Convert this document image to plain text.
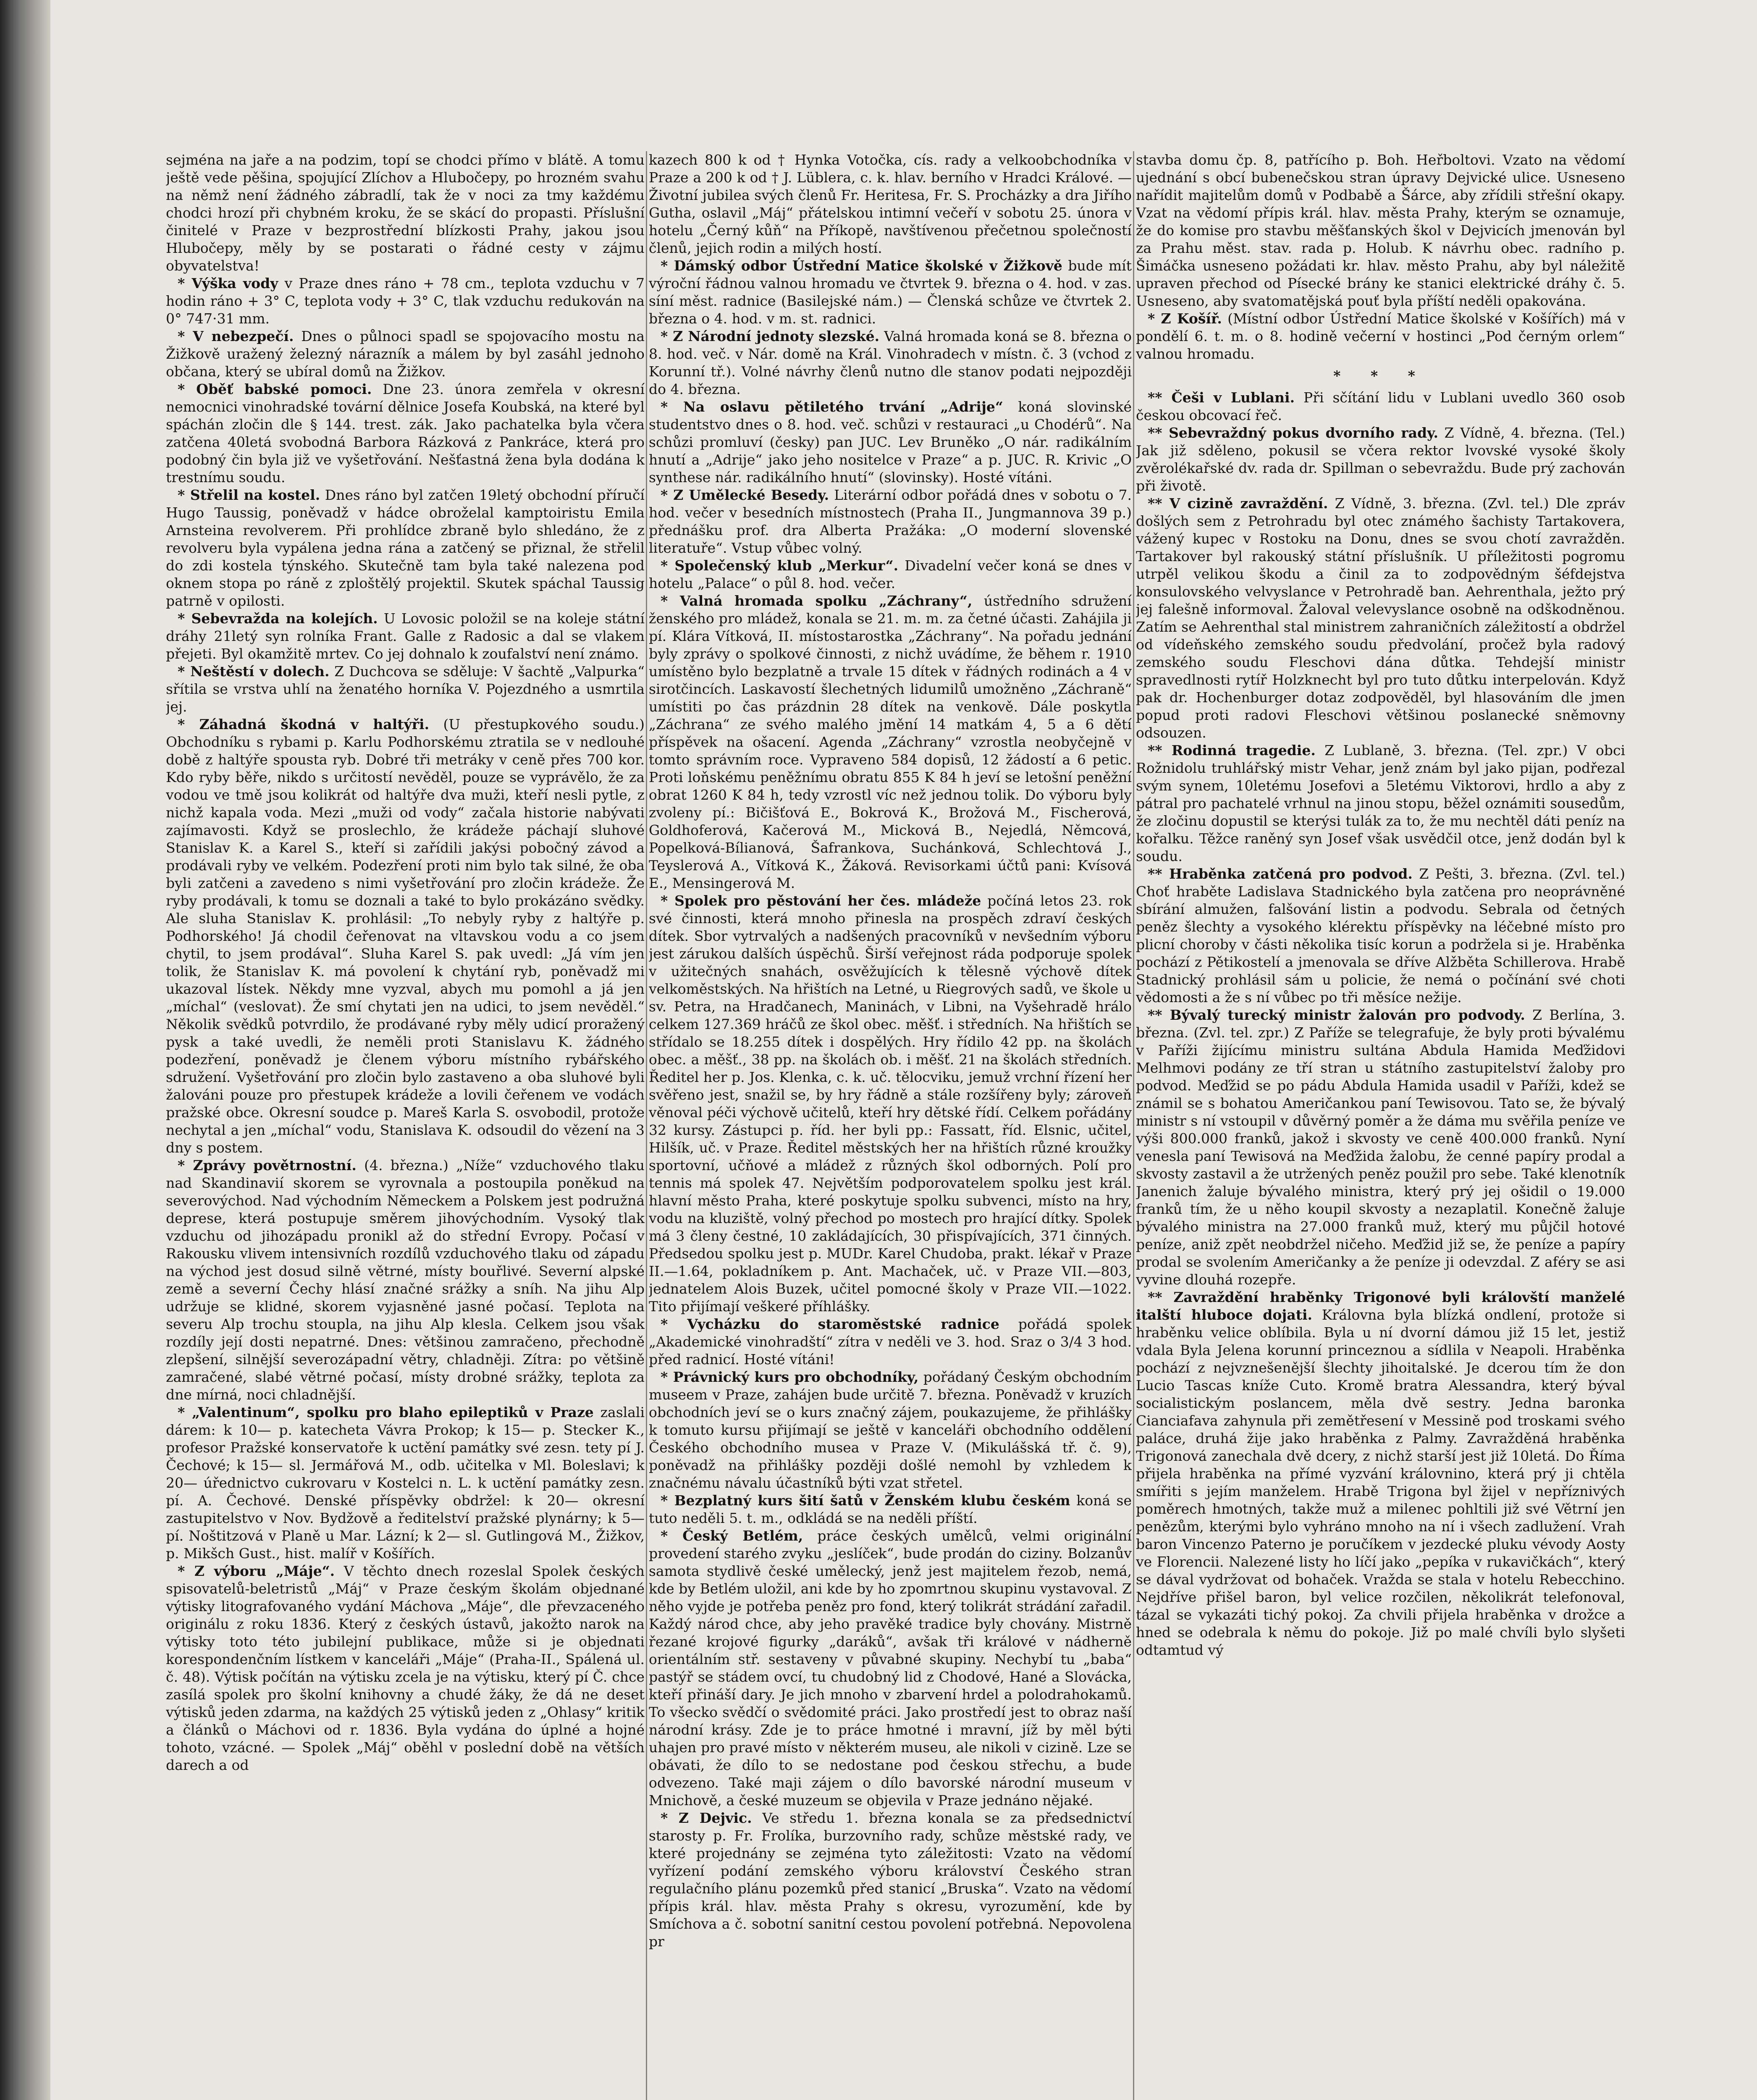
sejména na jaře a na podzim, topí se chodci přímo v blátě. A tomu ještě vede pěšina, spojující Zlíchov a Hlubočepy, po hrozném svahu na němž není žádného zábradlí, tak že v noci za tmy každému chodci hrozí při chybném kroku, že se skácí do propasti. Příslušní činitelé v Praze v bezprostřední blízkosti Prahy, jakou jsou Hlubočepy, měly by se postarati o řádné cesty v zájmu obyvatelstva!

* Výška vody v Praze dnes ráno + 78 cm., teplota vzduchu v 7 hodin ráno + 3° C, teplota vody + 3° C, tlak vzduchu redukován na 0° 747·31 mm.

* V nebezpečí. Dnes o půlnoci spadl se spojovacího mostu na Žižkově uražený železný nárazník a málem by byl zasáhl jednoho občana, který se ubíral domů na Žižkov.

* Oběť babské pomoci. Dne 23. února zemřela v okresní nemocnici vinohradské tovární dělnice Josefa Koubská, na které byl spáchán zločin dle § 144. trest. zák. Jako pachatelka byla včera zatčena 40letá svobodná Barbora Rázková z Pankráce, která pro podobný čin byla již ve vyšetřování. Nešťastná žena byla dodána k trestnímu soudu.

* Střelil na kostel. Dnes ráno byl zatčen 19letý obchodní příručí Hugo Taussig, poněvadž v hádce obroželal kamptoiristu Emila Arnsteina revolverem. Při prohlídce zbraně bylo shledáno, že z revolveru byla vypálena jedna rána a zatčený se přiznal, že střelil do zdi kostela týnského. Skutečně tam byla také nalezena pod oknem stopa po ráně z zploštělý projektil. Skutek spáchal Taussig patrně v opilosti.

* Sebevražda na kolejích. U Lovosic položil se na koleje státní dráhy 21letý syn rolníka Frant. Galle z Radosic a dal se vlakem přejeti. Byl okamžitě mrtev. Co jej dohnalo k zoufalství není známo.

* Neštěstí v dolech. Z Duchcova se sděluje: V šachtě „Valpurka“ sřítila se vrstva uhlí na ženatého horníka V. Pojezdného a usmrtila jej.

* Záhadná škodná v haltýři. (U přestupkového soudu.) Obchodníku s rybami p. Karlu Podhorskému ztratila se v nedlouhé době z haltýře spousta ryb. Dobré tři metráky v ceně přes 700 kor. Kdo ryby běře, nikdo s určitostí nevěděl, pouze se vyprávělo, že za vodou ve tmě jsou kolikrát od haltýře dva muži, kteří nesli pytle, z nichž kapala voda. Mezi „muži od vody“ začala historie nabývati zajímavosti. Když se proslechlo, že krádeže páchají sluhové Stanislav K. a Karel S., kteří si zařídili jakýsi pobočný závod a prodávali ryby ve velkém. Podezření proti nim bylo tak silné, že oba byli zatčeni a zavedeno s nimi vyšetřování pro zločin krádeže. Že ryby prodávali, k tomu se doznali a také to bylo prokázáno svědky. Ale sluha Stanislav K. prohlásil: „To nebyly ryby z haltýře p. Podhorského! Já chodil čeřenovat na vltavskou vodu a co jsem chytil, to jsem prodával“. Sluha Karel S. pak uvedl: „Já vím jen tolik, že Stanislav K. má povolení k chytání ryb, poněvadž mi ukazoval lístek. Někdy mne vyzval, abych mu pomohl a já jen „míchal“ (veslovat). Že smí chytati jen na udici, to jsem nevěděl.“ Několik svědků potvrdilo, že prodávané ryby měly udicí proražený pysk a také uvedli, že neměli proti Stanislavu K. žádného podezření, poněvadž je členem výboru místního rybářského sdružení. Vyšetřování pro zločin bylo zastaveno a oba sluhové byli žalováni pouze pro přestupek krádeže a lovili čeřenem ve vodách pražské obce. Okresní soudce p. Mareš Karla S. osvobodil, protože nechytal a jen „míchal“ vodu, Stanislava K. odsoudil do vězení na 3 dny s postem.

* Zprávy povětrnostní. (4. března.) „Níže“ vzduchového tlaku nad Skandinavií skorem se vyrovnala a postoupila poněkud na severovýchod. Nad východním Německem a Polskem jest podružná deprese, která postupuje směrem jihovýchodním. Vysoký tlak vzduchu od jihozápadu pronikl až do střední Evropy. Počasí v Rakousku vlivem intensivních rozdílů vzduchového tlaku od západu na východ jest dosud silně větrné, místy bouřlivé. Severní alpské země a severní Čechy hlásí značné srážky a sníh. Na jihu Alp udržuje se klidné, skorem vyjasněné jasné počasí. Teplota na severu Alp trochu stoupla, na jihu Alp klesla. Celkem jsou však rozdíly její dosti nepatrné. Dnes: většinou zamračeno, přechodně zlepšení, silnější severozápadní větry, chladněji. Zítra: po většině zamračené, slabé větrné počasí, místy drobné srážky, teplota za dne mírná, noci chladnější.

* „Valentinum“, spolku pro blaho epileptiků v Praze zaslali dárem: k 10— p. katecheta Vávra Prokop; k 15— p. Stecker K., profesor Pražské konservatoře k uctění památky své zesn. tety pí J. Čechové; k 15— sl. Jermářová M., odb. učitelka v Ml. Boleslavi; k 20— úřednictvo cukrovaru v Kostelci n. L. k uctění památky zesn. pí. A. Čechové. Denské příspěvky obdržel: k 20— okresní zastupitelstvo v Nov. Bydžově a ředitelství pražské plynárny; k 5— pí. Noštitzová v Planě u Mar. Lázní; k 2— sl. Gutlingová M., Žižkov, p. Mikšch Gust., hist. malíř v Košířích.

* Z výboru „Máje“. V těchto dnech rozeslal Spolek českých spisovatelů-beletristů „Máj“ v Praze českým školám objednané výtisky litografovaného vydání Máchova „Máje“, dle převzaceného originálu z roku 1836. Který z českých ústavů, jakožto narok na výtisky toto této jubilejní publikace, může si je objednati korespondenčním lístkem v kanceláři „Máje“ (Praha-II., Spálená ul. č. 48). Výtisk počítán na výtisku zcela je na výtisku, který pí Č. chce zasílá spolek pro školní knihovny a chudé žáky, že dá ne deset výtisků jeden zdarma, na každých 25 výtisků jeden z „Ohlasy“ kritik a článků o Máchovi od r. 1836. Byla vydána do úplné a hojné tohoto, vzácné. — Spolek „Máj“ oběhl v poslední době na větších darech a od

kazech 800 k od † Hynka Votočka, cís. rady a velkoobchodníka v Praze a 200 k od † J. Lüblera, c. k. hlav. berního v Hradci Králové. — Životní jubilea svých členů Fr. Heritesa, Fr. S. Procházky a dra Jiřího Gutha, oslavil „Máj“ přátelskou intimní večeří v sobotu 25. února v hotelu „Černý kůň“ na Příkopě, navštívenou přečetnou společností členů, jejich rodin a milých hostí.

* Dámský odbor Ústřední Matice školské v Žižkově bude mít výroční řádnou valnou hromadu ve čtvrtek 9. března o 4. hod. v zas. síní měst. radnice (Basilejské nám.) — Členská schůze ve čtvrtek 2. března o 4. hod. v m. st. radnici.

* Z Národní jednoty slezské. Valná hromada koná se 8. března o 8. hod. več. v Nár. domě na Král. Vinohradech v místn. č. 3 (vchod z Korunní tř.). Volné návrhy členů nutno dle stanov podati nejpozději do 4. března.

* Na oslavu pětiletého trvání „Adrije“ koná slovinské studentstvo dnes o 8. hod. več. schůzi v restauraci „u Chodérů“. Na schůzi promluví (česky) pan JUC. Lev Bruněko „O nár. radikálním hnutí a „Adrije“ jako jeho nositelce v Praze“ a p. JUC. R. Krivic „O synthese nár. radikálního hnutí“ (slovinsky). Hosté vítáni.

* Z Umělecké Besedy. Literární odbor pořádá dnes v sobotu o 7. hod. večer v besedních místnostech (Praha II., Jungmannova 39 p.) přednášku prof. dra Alberta Pražáka: „O moderní slovenské literatuře“. Vstup vůbec volný.

* Společenský klub „Merkur“. Divadelní večer koná se dnes v hotelu „Palace“ o půl 8. hod. večer.

* Valná hromada spolku „Záchrany“, ústředního sdružení ženského pro mládež, konala se 21. m. m. za četné účasti. Zahájila ji pí. Klára Vítková, II. místostarostka „Záchrany“. Na pořadu jednání byly zprávy o spolkové činnosti, z nichž uvádíme, že během r. 1910 umístěno bylo bezplatně a trvale 15 dítek v řádných rodinách a 4 v sirotčincích. Laskavostí šlechetných lidumilů umožněno „Záchraně“ umístiti po čas prázdnin 28 dítek na venkově. Dále poskytla „Záchrana“ ze svého malého jmění 14 matkám 4, 5 a 6 dětí příspěvek na ošacení. Agenda „Záchrany“ vzrostla neobyčejně v tomto správním roce. Vypraveno 584 dopisů, 12 žádostí a 6 petic. Proti loňskému peněžnímu obratu 855 K 84 h jeví se letošní peněžní obrat 1260 K 84 h, tedy vzrostl víc než jednou tolik. Do výboru byly zvoleny pí.: Bičišťová E., Bokrová K., Brožová M., Fischerová, Goldhoferová, Kačerová M., Micková B., Nejedlá, Němcová, Popelková-Bílianová, Šafrankova, Suchánková, Schlechtová J., Teyslerová A., Vítková K., Žáková. Revisorkami účtů pani: Kvísová E., Mensingerová M.

* Spolek pro pěstování her čes. mládeže počíná letos 23. rok své činnosti, která mnoho přinesla na prospěch zdraví českých dítek. Sbor vytrvalých a nadšených pracovníků v nevšedním výboru jest zárukou dalších úspěchů. Širší veřejnost ráda podporuje spolek v užitečných snahách, osvěžujících k tělesně výchově dítek velkoměstských. Na hřištích na Letné, u Riegrových sadů, ve škole u sv. Petra, na Hradčanech, Maninách, v Libni, na Vyšehradě hrálo celkem 127.369 hráčů ze škol obec. měšť. i středních. Na hřištích se střídalo se 18.255 dítek i dospělých. Hry řídilo 42 pp. na školách obec. a měšť., 38 pp. na školách ob. i měšť. 21 na školách středních. Ředitel her p. Jos. Klenka, c. k. uč. tělocviku, jemuž vrchní řízení her svěřeno jest, snažil se, by hry řádně a stále rozšířeny byly; zároveň věnoval péči výchově učitelů, kteří hry dětské řídí. Celkem pořádány 32 kursy. Zástupci p. říd. her byli pp.: Fassatt, říd. Elsnic, učitel, Hilšík, uč. v Praze. Ředitel městských her na hřištích různé kroužky sportovní, učňové a mládež z různých škol odborných. Polí pro tennis má spolek 47. Největším podporovatelem spolku jest král. hlavní město Praha, které poskytuje spolku subvenci, místo na hry, vodu na kluziště, volný přechod po mostech pro hrající dítky. Spolek má 3 členy čestné, 10 zakládajících, 30 přispívajících, 371 činných. Předsedou spolku jest p. MUDr. Karel Chudoba, prakt. lékař v Praze II.—1.64, pokladníkem p. Ant. Machaček, uč. v Praze VII.—803, jednatelem Alois Buzek, učitel pomocné školy v Praze VII.—1022. Tito přijímají veškeré příhlášky.

* Vycházku do staroměstské radnice pořádá spolek „Akademické vinohradští“ zítra v neděli ve 3. hod. Sraz o 3/4 3 hod. před radnicí. Hosté vítáni!

* Právnický kurs pro obchodníky, pořádaný Českým obchodním museem v Praze, zahájen bude určitě 7. března. Poněvadž v kruzích obchodních jeví se o kurs značný zájem, poukazujeme, že přihlášky k tomuto kursu přijímají se ještě v kanceláři obchodního oddělení Českého obchodního musea v Praze V. (Mikulášská tř. č. 9), poněvadž na přihlášky později došlé nemohl by vzhledem k značnému návalu účastníků býti vzat střetel.

* Bezplatný kurs šití šatů v Ženském klubu českém koná se tuto neděli 5. t. m., odkládá se na neděli příští.

* Český Betlém, práce českých umělců, velmi originální provedení starého zvyku „jeslíček“, bude prodán do ciziny. Bolzanův samota stydlivě české umělecký, jenž jest majitelem řezob, nemá, kde by Betlém uložil, ani kde by ho zpomrtnou skupinu vystavoval. Z něho vyjde je potřeba peněz pro fond, který tolikrát strádání zařadil. Každý národ chce, aby jeho pravěké tradice byly chovány. Mistrně řezané krojové figurky „daráků“, avšak tři králové v nádherně orientálním stř. sestaveny v půvabné skupiny. Nechybí tu „baba“ pastýř se stádem ovcí, tu chudobný lid z Chodové, Hané a Slovácka, kteří přináší dary. Je jich mnoho v zbarvení hrdel a polodrahokamů. To všecko svědčí o svědomité práci. Jako prostředí jest to obraz naší národní krásy. Zde je to práce hmotné i mravní, jíž by měl býti uhajen pro pravé místo v některém museu, ale nikoli v cizině. Lze se obávati, že dílo to se nedostane pod českou střechu, a bude odvezeno. Také maji zájem o dílo bavorské národní museum v Mnichově, a české muzeum se objevila v Praze jednáno nějaké.

* Z Dejvic. Ve středu 1. března konala se za předsednictví starosty p. Fr. Frolíka, burzovního rady, schůze městské rady, ve které projednány se zejména tyto záležitosti: Vzato na vědomí vyřízení podání zemského výboru království Českého stran regulačního plánu pozemků před stanicí „Bruska“. Vzato na vědomí přípis král. hlav. města Prahy s okresu, vyrozumění, kde by Smíchova a č. sobotní sanitní cestou povolení potřebná. Nepovolena pr

stavba domu čp. 8, patřícího p. Boh. Heřboltovi. Vzato na vědomí ujednání s obcí bubenečskou stran úpravy Dejvické ulice. Usneseno nařídit majitelům domů v Podbabě a Šárce, aby zřídili střešní okapy. Vzat na vědomí přípis král. hlav. města Prahy, kterým se oznamuje, že do komise pro stavbu měšťanských škol v Dejvicích jmenován byl za Prahu měst. stav. rada p. Holub. K návrhu obec. radního p. Šimáčka usneseno požádati kr. hlav. město Prahu, aby byl náležitě upraven přechod od Písecké brány ke stanici elektrické dráhy č. 5. Usneseno, aby svatomatějská pouť byla příští neděli opakována.

* Z Košíř. (Místní odbor Ústřední Matice školské v Košířích) má v pondělí 6. t. m. o 8. hodině večerní v hostinci „Pod černým orlem“ valnou hromadu.

* * *

** Češi v Lublani. Při sčítání lidu v Lublani uvedlo 360 osob českou obcovací řeč.

** Sebevraždný pokus dvorního rady. Z Vídně, 4. března. (Tel.) Jak již sděleno, pokusil se včera rektor lvovské vysoké školy zvěrolékařské dv. rada dr. Spillman o sebevraždu. Bude prý zachován při životě.

** V cizině zavraždění. Z Vídně, 3. března. (Zvl. tel.) Dle zpráv došlých sem z Petrohradu byl otec známého šachisty Tartakovera, vážený kupec v Rostoku na Donu, dnes se svou chotí zavražděn. Tartakover byl rakouský státní příslušník. U příležitosti pogromu utrpěl velikou škodu a činil za to zodpovědným šéfdejstva konsulovského velvyslance v Petrohradě ban. Aehrenthala, ježto prý jej falešně informoval. Žaloval velevyslance osobně na odškodněnou. Zatím se Aehrenthal stal ministrem zahraničních záležitostí a obdržel od vídeňského zemského soudu předvolání, pročež byla radový zemského soudu Fleschovi dána důtka. Tehdejší ministr spravedlnosti rytíř Holzknecht byl pro tuto důtku interpelován. Když pak dr. Hochenburger dotaz zodpověděl, byl hlasováním dle jmen popud proti radovi Fleschovi většinou poslanecké sněmovny odsouzen.

** Rodinná tragedie. Z Lublaně, 3. března. (Tel. zpr.) V obci Rožnidolu truhlářský mistr Vehar, jenž znám byl jako pijan, podřezal svým synem, 10letému Josefovi a 5letému Viktorovi, hrdlo a aby z pátral pro pachatelé vrhnul na jinou stopu, běžel oznámiti sousedům, že zločinu dopustil se kterýsi tulák za to, že mu nechtěl dáti peníz na kořalku. Těžce raněný syn Josef však usvědčil otce, jenž dodán byl k soudu.

** Hraběnka zatčená pro podvod. Z Pešti, 3. března. (Zvl. tel.) Choť hraběte Ladislava Stadnického byla zatčena pro neoprávněné sbírání almužen, falšování listin a podvodu. Sebrala od četných peněz šlechty a vysokého klérektu příspěvky na léčebné místo pro plicní choroby v části několika tisíc korun a podržela si je. Hraběnka pochází z Pětikostelí a jmenovala se dříve Alžběta Schillerova. Hrabě Stadnický prohlásil sám u policie, že nemá o počínání své choti vědomosti a že s ní vůbec po tři měsíce nežije.

** Bývalý turecký ministr žalován pro podvody. Z Berlína, 3. března. (Zvl. tel. zpr.) Z Paříže se telegrafuje, že byly proti bývalému v Paříži žijícímu ministru sultána Abdula Hamida Meďžidovi Melhmovi podány ze tří stran u státního zastupitelství žaloby pro podvod. Meďžid se po pádu Abdula Hamida usadil v Paříži, kdež se známil se s bohatou Američankou paní Tewisovou. Tato se, že bývalý ministr s ní vstoupil v důvěrný poměr a že dáma mu svěřila peníze ve výši 800.000 franků, jakož i skvosty ve ceně 400.000 franků. Nyní venesla paní Tewisová na Meďžida žalobu, že cenné papíry prodal a skvosty zastavil a že utržených peněz použil pro sebe. Také klenotník Janenich žaluje bývalého ministra, který prý jej ošidil o 19.000 franků tím, že u něho koupil skvosty a nezaplatil. Konečně žaluje bývalého ministra na 27.000 franků muž, který mu půjčil hotové peníze, aniž zpět neobdržel ničeho. Meďžid již se, že peníze a papíry prodal se svolením Američanky a že peníze ji odevzdal. Z aféry se asi vyvine dlouhá rozepře.

** Zavraždění hraběnky Trigonové byli královští manželé italští hluboce dojati. Královna byla blízká ondlení, protože si hraběnku velice oblíbila. Byla u ní dvorní dámou již 15 let, jestiž vdala Byla Jelena korunní princeznou a sídlila v Neapoli. Hraběnka pochází z nejvznešenější šlechty jihoitalské. Je dcerou tím že don Lucio Tascas kníže Cuto. Kromě bratra Alessandra, který býval socialistickým poslancem, měla dvě sestry. Jedna baronka Cianciafava zahynula při zemětřesení v Messině pod troskami svého paláce, druhá žije jako hraběnka z Palmy. Zavražděná hraběnka Trigonová zanechala dvě dcery, z nichž starší jest již 10letá. Do Říma přijela hraběnka na přímé vyzvání královnino, která prý ji chtěla smířiti s jejím manželem. Hrabě Trigona byl žijel v nepříznivých poměrech hmotných, takže muž a milenec pohltili již své Větrní jen penězům, kterými bylo vyhráno mnoho na ní i všech zadlužení. Vrah baron Vincenzo Paterno je poručíkem v jezdecké pluku vévody Aosty ve Florencii. Nalezené listy ho líčí jako „pepíka v rukavičkách“, který se dával vydržovat od bohaček. Vražda se stala v hotelu Rebecchino. Nejdříve přišel baron, byl velice rozčilen, několikrát telefonoval, tázal se vykazáti tichý pokoj. Za chvili přijela hraběnka v drožce a hned se odebrala k němu do pokoje. Již po malé chvíli bylo slyšeti odtamtud vý
